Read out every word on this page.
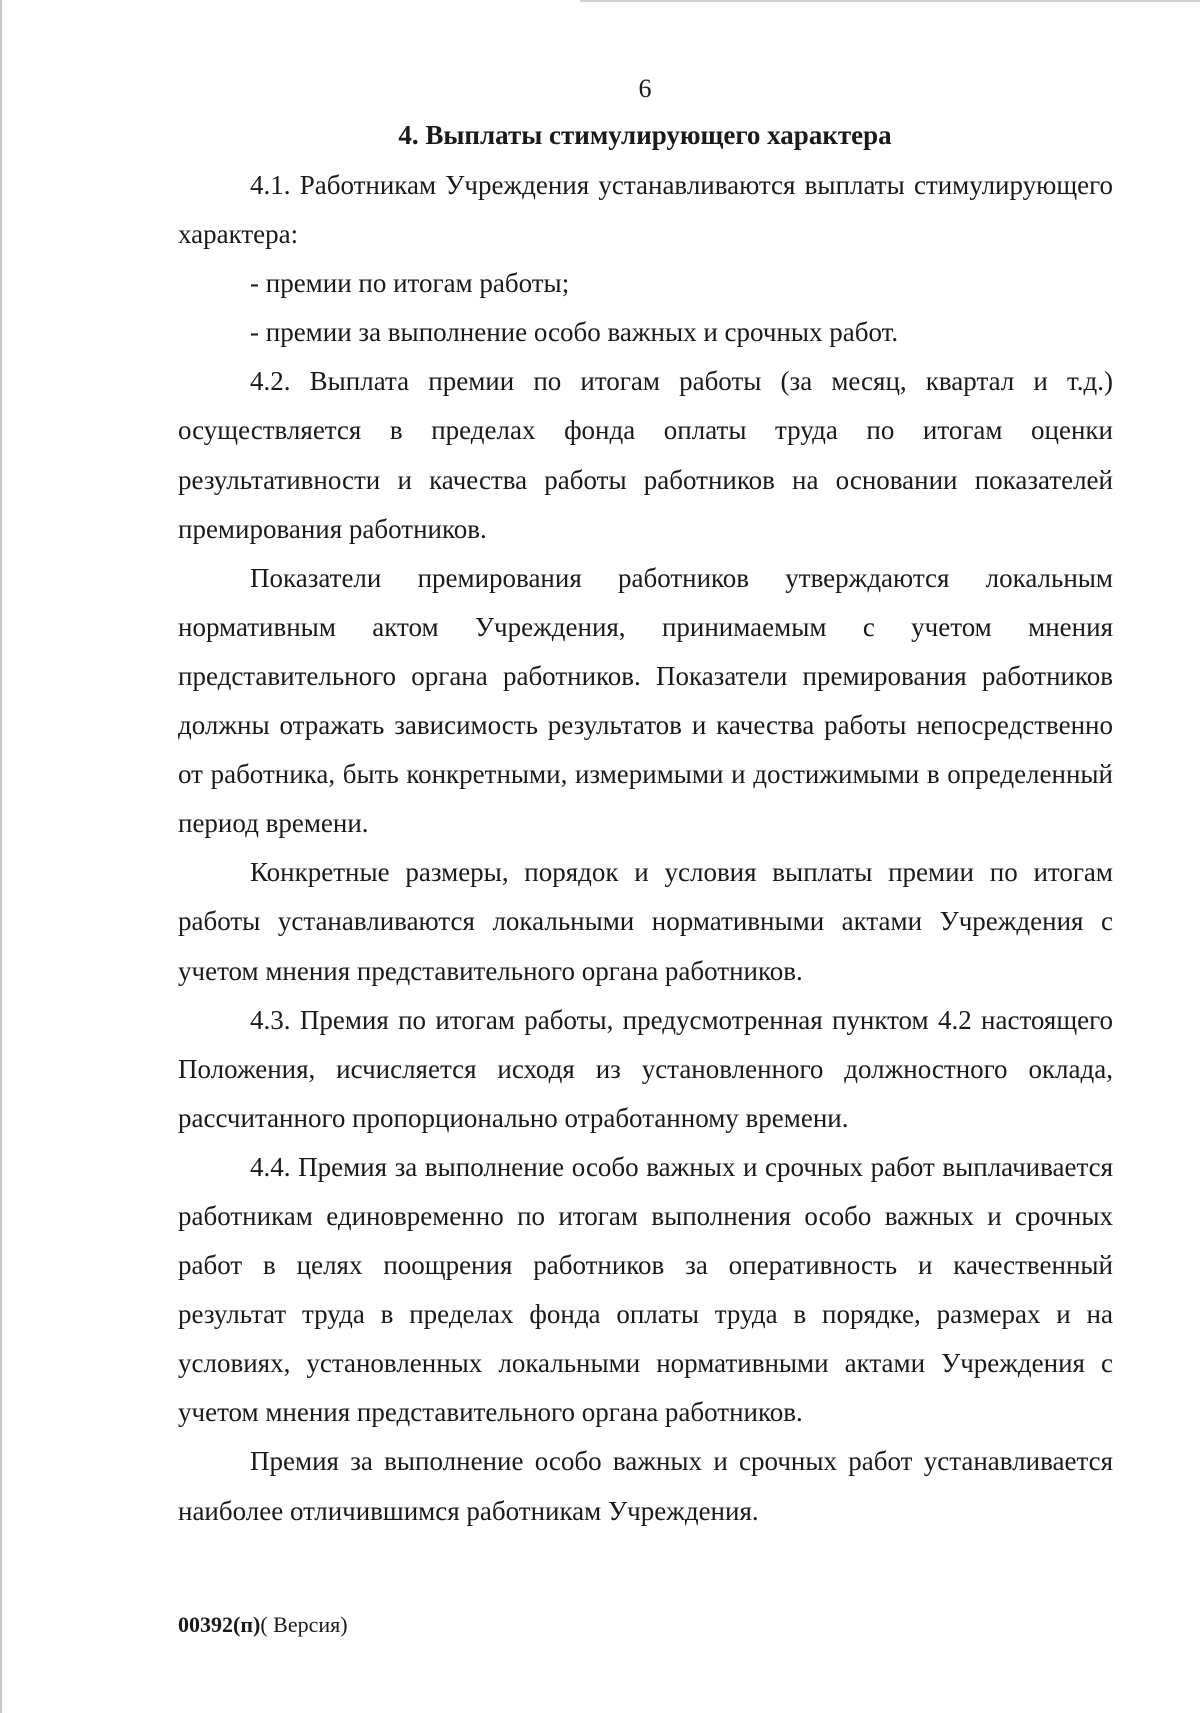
6
4. Выплаты стимулирующего характера

4.1. Работникам Учреждения устанавливаются выплаты стимулирующего характера:

- премии по итогам работы;

- премии за выполнение особо важных и срочных работ.

4.2. Выплата премии по итогам работы (за месяц, квартал и т.д.) осуществляется в пределах фонда оплаты труда по итогам оценки результативности и качества работы работников на основании показателей премирования работников.

Показатели премирования работников утверждаются локальным нормативным актом Учреждения, принимаемым с учетом мнения представительного органа работников. Показатели премирования работников должны отражать зависимость результатов и качества работы непосредственно от работника, быть конкретными, измеримыми и достижимыми в определенный период времени.

Конкретные размеры, порядок и условия выплаты премии по итогам работы устанавливаются локальными нормативными актами Учреждения с учетом мнения представительного органа работников.

4.3. Премия по итогам работы, предусмотренная пунктом 4.2 настоящего Положения, исчисляется исходя из установленного должностного оклада, рассчитанного пропорционально отработанному времени.

4.4. Премия за выполнение особо важных и срочных работ выплачивается работникам единовременно по итогам выполнения особо важных и срочных работ в целях поощрения работников за оперативность и качественный результат труда в пределах фонда оплаты труда в порядке, размерах и на условиях, установленных локальными нормативными актами Учреждения с учетом мнения представительного органа работников.

Премия за выполнение особо важных и срочных работ устанавливается наиболее отличившимся работникам Учреждения.

00392(п)( Версия)
